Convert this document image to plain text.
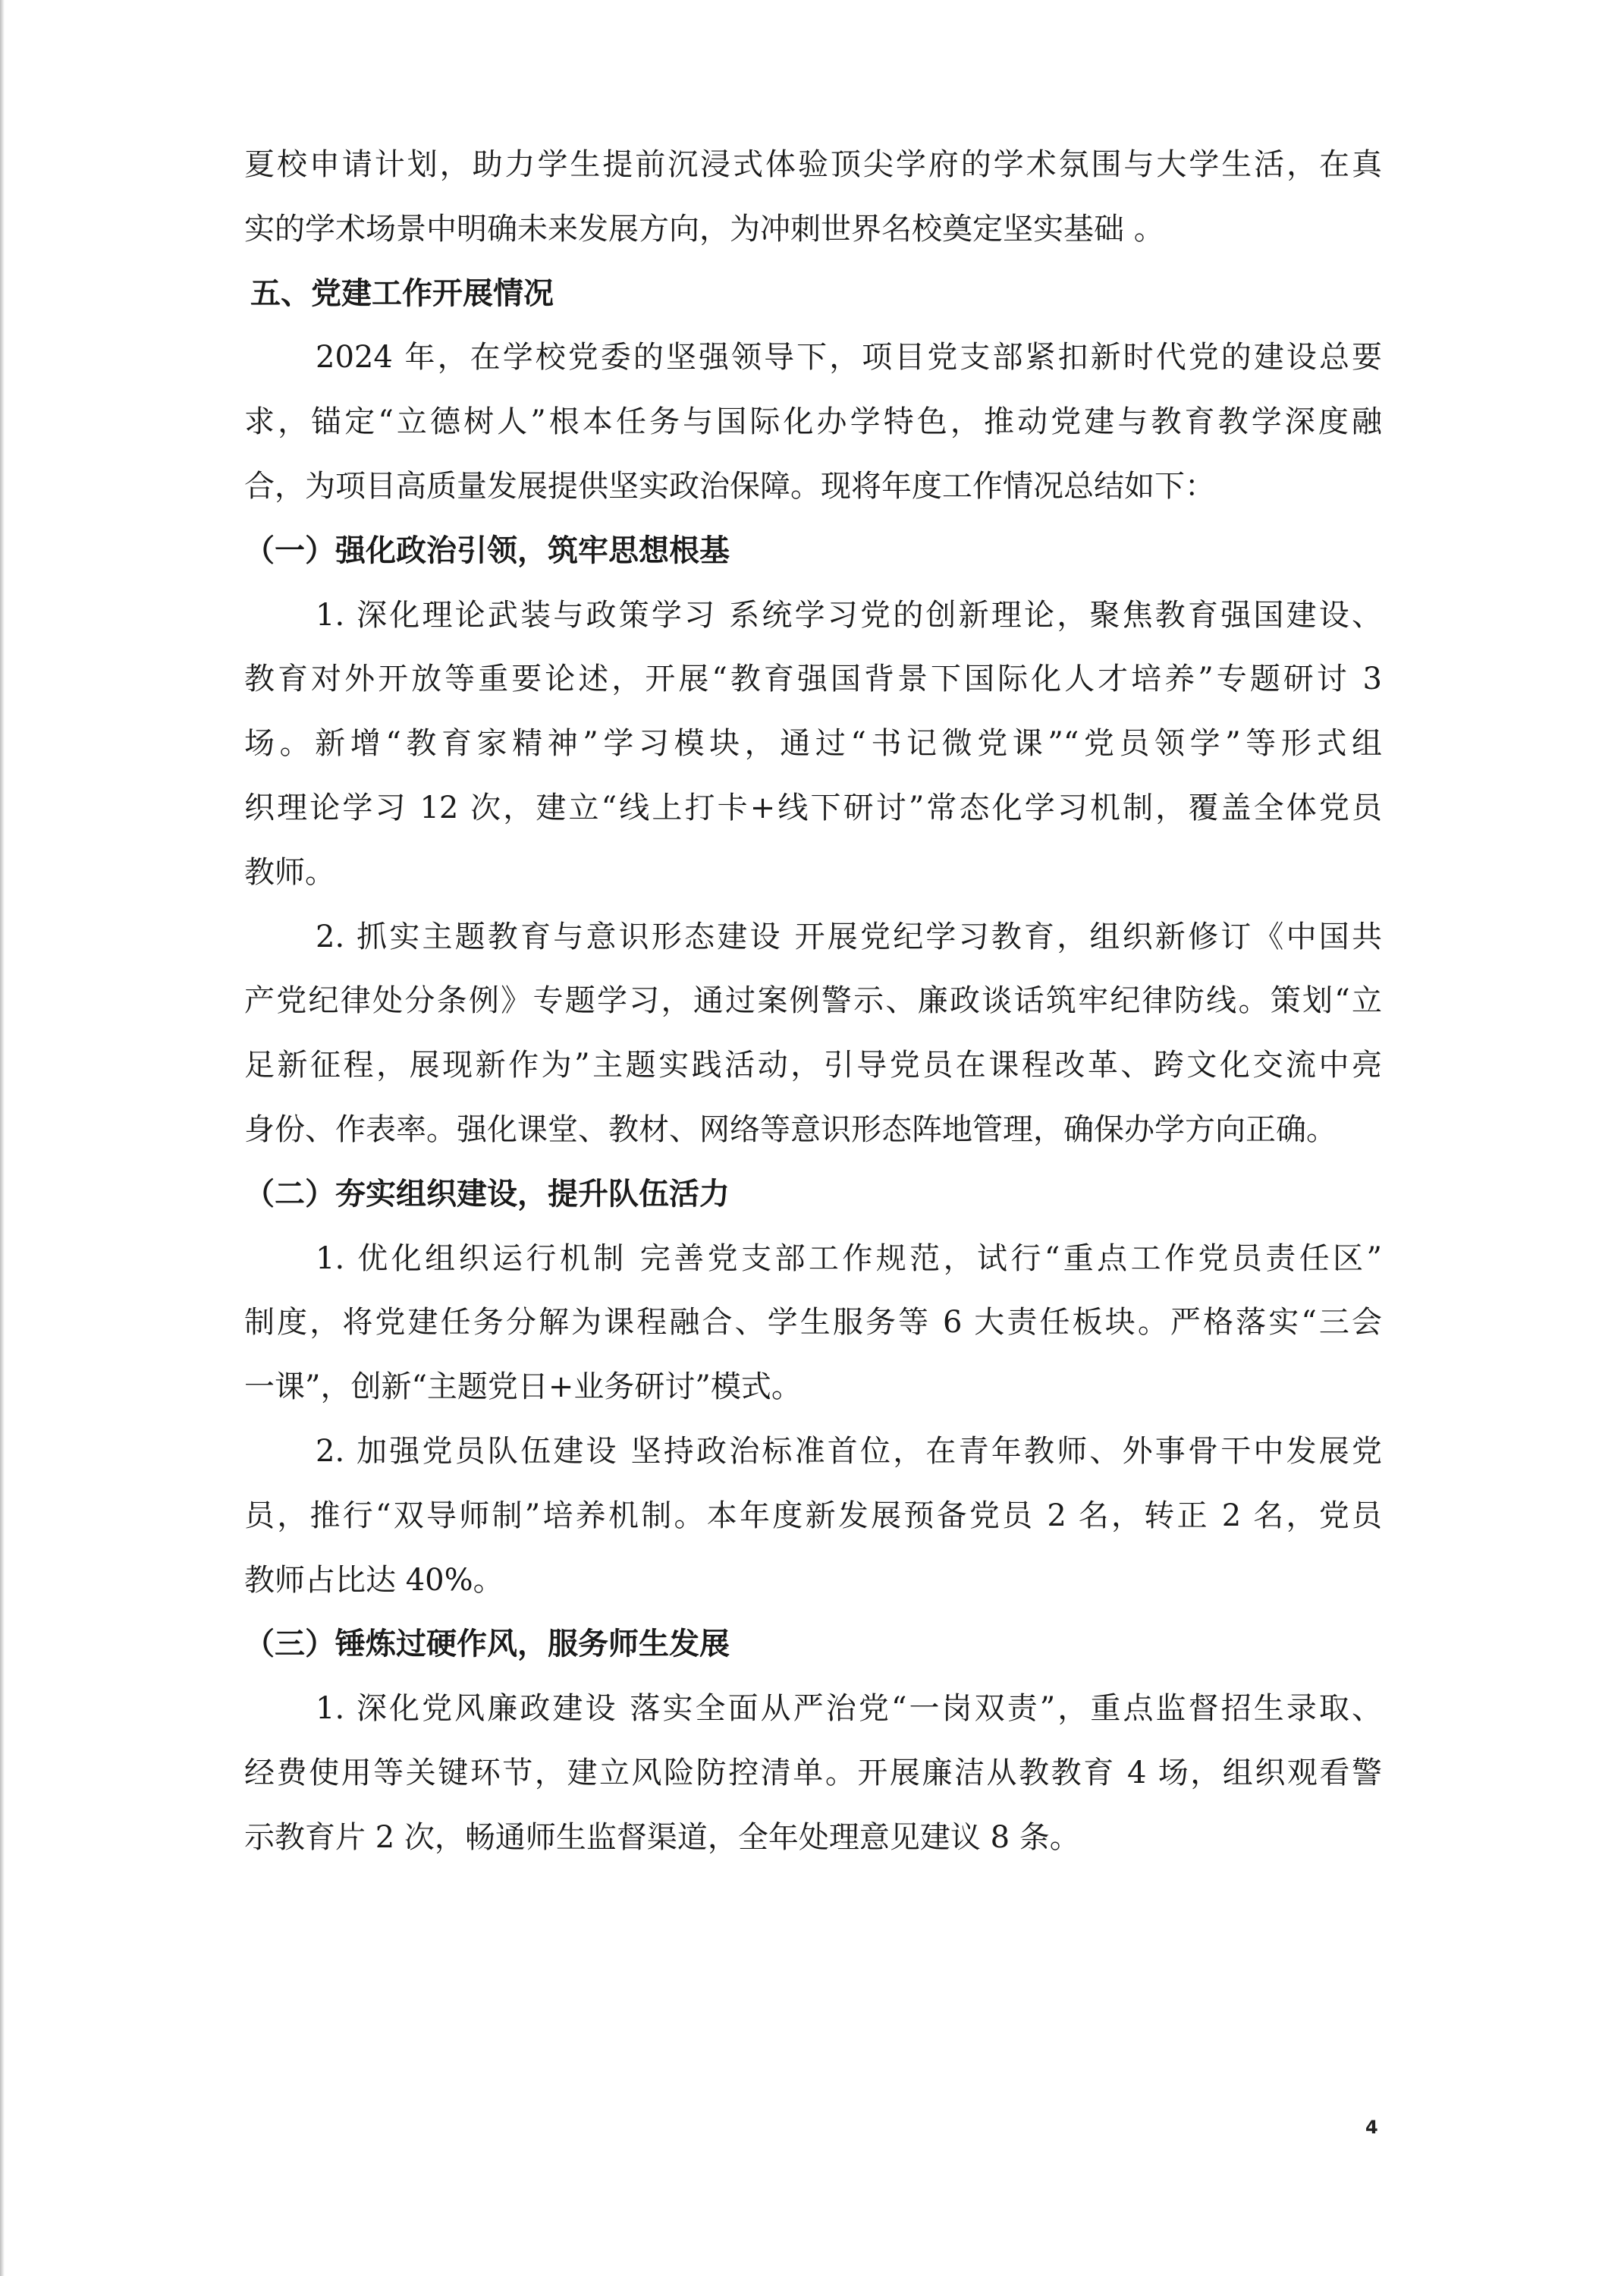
夏校申请计划，助力学生提前沉浸式体验顶尖学府的学术氛围与大学生活，在真
实的学术场景中明确未来发展方向，为冲刺世界名校奠定坚实基础 。
五、党建工作开展情况
2024 年，在学校党委的坚强领导下，项目党支部紧扣新时代党的建设总要
求，锚定“立德树人”根本任务与国际化办学特色，推动党建与教育教学深度融
合，为项目高质量发展提供坚实政治保障。现将年度工作情况总结如下：
（一）强化政治引领，筑牢思想根基
1. 深化理论武装与政策学习 系统学习党的创新理论，聚焦教育强国建设、
教育对外开放等重要论述，开展“教育强国背景下国际化人才培养”专题研讨 3
场。新增“教育家精神”学习模块，通过“书记微党课”“党员领学”等形式组
织理论学习 12 次，建立“线上打卡+线下研讨”常态化学习机制，覆盖全体党员
教师。
2. 抓实主题教育与意识形态建设 开展党纪学习教育，组织新修订《中国共
产党纪律处分条例》专题学习，通过案例警示、廉政谈话筑牢纪律防线。策划“立
足新征程，展现新作为”主题实践活动，引导党员在课程改革、跨文化交流中亮
身份、作表率。强化课堂、教材、网络等意识形态阵地管理，确保办学方向正确。
（二）夯实组织建设，提升队伍活力
1. 优化组织运行机制 完善党支部工作规范，试行“重点工作党员责任区”
制度，将党建任务分解为课程融合、学生服务等 6 大责任板块。严格落实“三会
一课”，创新“主题党日+业务研讨”模式。
2. 加强党员队伍建设 坚持政治标准首位，在青年教师、外事骨干中发展党
员，推行“双导师制”培养机制。本年度新发展预备党员 2 名，转正 2 名，党员
教师占比达 40%。
（三）锤炼过硬作风，服务师生发展
1. 深化党风廉政建设 落实全面从严治党“一岗双责”，重点监督招生录取、
经费使用等关键环节，建立风险防控清单。开展廉洁从教教育 4 场，组织观看警
示教育片 2 次，畅通师生监督渠道，全年处理意见建议 8 条。
4
